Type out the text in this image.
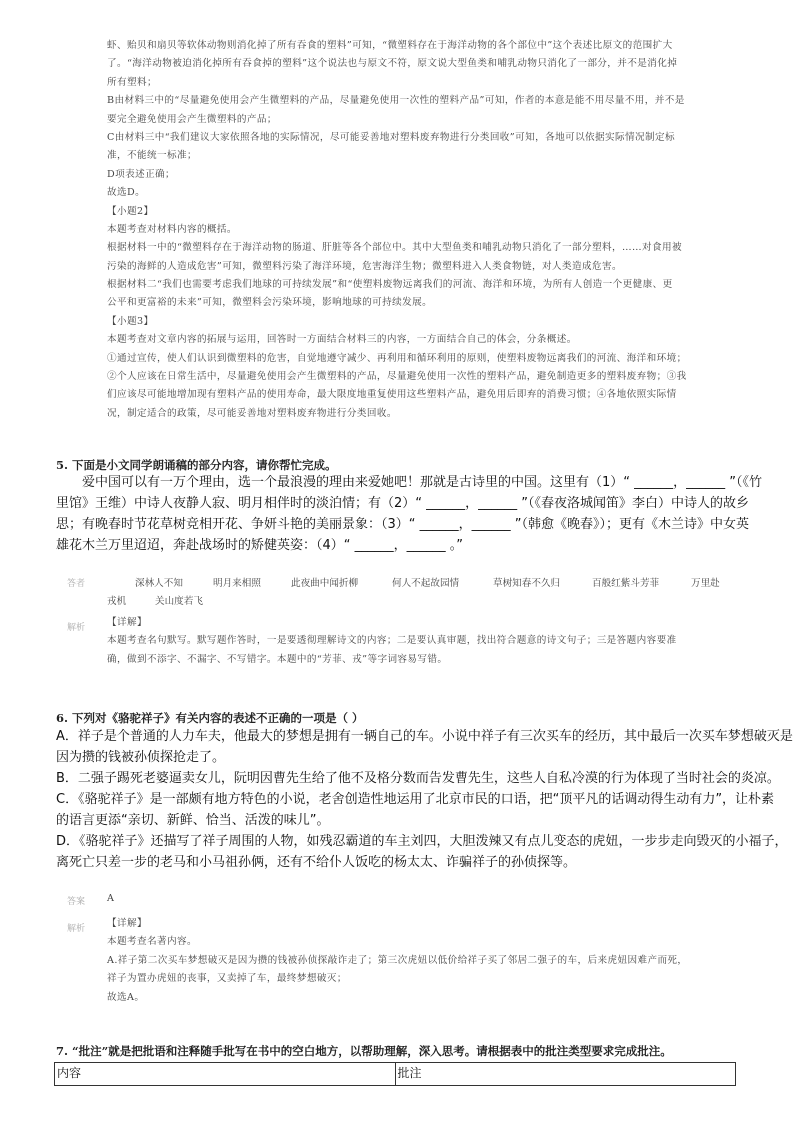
虾、贻贝和扇贝等软体动物则消化掉了所有吞食的塑料”可知，“微塑料存在于海洋动物的各个部位中”这个表述比原文的范围扩大
了。“海洋动物被迫消化掉所有吞食掉的塑料”这个说法也与原文不符，原文说大型鱼类和哺乳动物只消化了一部分，并不是消化掉
所有塑料；
B由材料三中的“尽量避免使用会产生微塑料的产品，尽量避免使用一次性的塑料产品”可知，作者的本意是能不用尽量不用，并不是
要完全避免使用会产生微塑料的产品；
C由材料三中“我们建议大家依照各地的实际情况，尽可能妥善地对塑料废弃物进行分类回收”可知，各地可以依据实际情况制定标
准，不能统一标准；
D项表述正确；
故选D。
【小题2】
本题考查对材料内容的概括。
根据材料一中的“微塑料存在于海洋动物的肠道、肝脏等各个部位中。其中大型鱼类和哺乳动物只消化了一部分塑料，……对食用被
污染的海鲜的人造成危害”可知，微塑料污染了海洋环境，危害海洋生物；微塑料进入人类食物链，对人类造成危害。
根据材料二“我们也需要考虑我们地球的可持续发展”和“使塑料废物远离我们的河流、海洋和环境，为所有人创造一个更健康、更
公平和更富裕的未来”可知，微塑料会污染环境，影响地球的可持续发展。
【小题3】
本题考查对文章内容的拓展与运用，回答时一方面结合材料三的内容，一方面结合自己的体会，分条概述。
①通过宣传，使人们认识到微塑料的危害，自觉地遵守减少、再利用和循环利用的原则，使塑料废物远离我们的河流、海洋和环境；
②个人应该在日常生活中，尽量避免使用会产生微塑料的产品，尽量避免使用一次性的塑料产品，避免制造更多的塑料废弃物；③我
们应该尽可能地增加现有塑料产品的使用寿命，最大限度地重复使用这些塑料产品，避免用后即弃的消费习惯；④各地依照实际情
况，制定适合的政策，尽可能妥善地对塑料废弃物进行分类回收。
5. 下面是小文同学朗诵稿的部分内容，请你帮忙完成。
爱中国可以有一万个理由，选一个最浪漫的理由来爱她吧！那就是古诗里的中国。这里有（1）“ ______，______ ”（《竹
里馆》王维）中诗人夜静人寂、明月相伴时的淡泊情；有（2）“ ______，______ ”（《春夜洛城闻笛》李白）中诗人的故乡
思；有晚春时节花草树竞相开花、争妍斗艳的美丽景象：（3）“ ______，______ ”（韩愈《晚春》）；更有《木兰诗》中女英
雄花木兰万里迢迢，奔赴战场时的矫健英姿：（4）“ ______，______ 。”
答者	深林人不知	明月来相照	此夜曲中闻折柳	何人不起故园情	草树知春不久归	百般红紫斗芳菲	万里赴
戎机	关山度若飞
解析 【详解】
本题考查名句默写。默写题作答时，一是要透彻理解诗文的内容；二是要认真审题，找出符合题意的诗文句子；三是答题内容要准
确，做到不添字、不漏字、不写错字。本题中的“芳菲、戎”等字词容易写错。
6. 下列对《骆驼祥子》有关内容的表述不正确的一项是（ ）
A．祥子是个普通的人力车夫，他最大的梦想是拥有一辆自己的车。小说中祥子有三次买车的经历，其中最后一次买车梦想破灭是
因为攒的钱被孙侦探抢走了。
B．二强子踢死老婆逼卖女儿，阮明因曹先生给了他不及格分数而告发曹先生，这些人自私冷漠的行为体现了当时社会的炎凉。
C．《骆驼祥子》是一部颇有地方特色的小说，老舍创造性地运用了北京市民的口语，把“顶平凡的话调动得生动有力”，让朴素
的语言更添“亲切、新鲜、恰当、活泼的味儿”。
D．《骆驼祥子》还描写了祥子周围的人物，如残忍霸道的车主刘四，大胆泼辣又有点儿变态的虎妞，一步步走向毁灭的小福子，
离死亡只差一步的老马和小马祖孙俩，还有不给仆人饭吃的杨太太、诈骗祥子的孙侦探等。
答案 A
解析 【详解】
本题考查名著内容。
A.祥子第二次买车梦想破灭是因为攒的钱被孙侦探敲诈走了；第三次虎妞以低价给祥子买了邻居二强子的车，后来虎妞因难产而死，
祥子为置办虎妞的丧事，又卖掉了车，最终梦想破灭；
故选A。
7. “批注”就是把批语和注释随手批写在书中的空白地方，以帮助理解，深入思考。请根据表中的批注类型要求完成批注。
内容	批注
